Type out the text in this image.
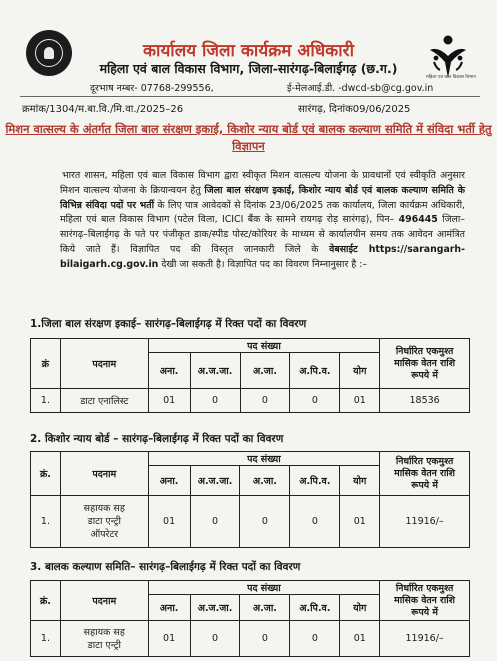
महिला एवं बाल विकास विभाग
कार्यालय जिला कार्यक्रम अधिकारी
महिला एवं बाल विकास विभाग, जिला-सारंगढ़-बिलाईगढ़ (छ.ग.)
दूरभाष नम्बर- 07768-299556,	ई-मेलआई.डी. -dwcd-sb@cg.gov.in
क्रमांक/1304/म.बा.वि./मि.वा./2025–26	सारंगढ़, दिनांक09/06/2025
मिशन वात्सल्य के अंतर्गत जिला बाल संरक्षण इकाई, किशोर न्याय बोर्ड एवं बालक कल्याण समिति में संविदा भर्ती हेतु विज्ञापन
भारत शासन, महिला एवं बाल विकास विभाग द्वारा स्वीकृत मिशन वात्सल्य योजना के प्रावधानों एवं स्वीकृति अनुसार मिशन वात्सल्य योजना के क्रियान्वयन हेतु जिला बाल संरक्षण इकाई, किशोर न्याय बोर्ड एवं बालक कल्याण समिति के विभिन्न संविदा पदों पर भर्ती के लिए पात्र आवेदकों से दिनांक 23/06/2025 तक कार्यालय, जिला कार्यक्रम अधिकारी, महिला एवं बाल विकास विभाग (पटेल विला, ICICI बैंक के सामने रायगढ़ रोड़ सारंगढ़), पिन– 496445 जिला–सारंगढ़–बिलाईगढ़ के पते पर पंजीकृत डाक/स्पीड पोस्ट/कोरियर के माध्यम से कार्यालयीन समय तक आवेदन आमंत्रित किये जाते हैं। विज्ञापित पद की विस्तृत जानकारी जिले के वेबसाईट https://sarangarh-bilaigarh.cg.gov.in देखी जा सकती है। विज्ञापित पद का विवरण निम्नानुसार है :–
1.जिला बाल संरक्षण इकाई– सारंगढ़–बिलाईगढ़ में रिक्त पदों का विवरण
क्रं	पदनाम	पद संख्या					निर्धारित एकमुश्त
मासिक वेतन राशि
रूपये में
		अना.	अ.ज.जा.	अ.जा.	अ.पि.व.	योग	
1.	डाटा एनालिस्ट	01	0	0	0	01	18536
2. किशोर न्याय बोर्ड – सारंगढ़–बिलाईगढ़ में रिक्त पदों का विवरण
क्रं.	पदनाम	पद संख्या					निर्धारित एकमुश्त
मासिक वेतन राशि
रूपये में
		अना.	अ.ज.जा.	अ.जा.	अ.पि.व.	योग	
1.	सहायक सह
डाटा एन्ट्री
ऑपरेटर	01	0	0	0	01	11916/–
3. बालक कल्याण समिति– सारंगढ़–बिलाईगढ़ में रिक्त पदों का विवरण
क्रं.	पदनाम	पद संख्या					निर्धारित एकमुश्त
मासिक वेतन राशि
रूपये में
		अना.	अ.ज.जा.	अ.जा.	अ.पि.व.	योग	
1.	सहायक सह
डाटा एन्ट्री	01	0	0	0	01	11916/–
